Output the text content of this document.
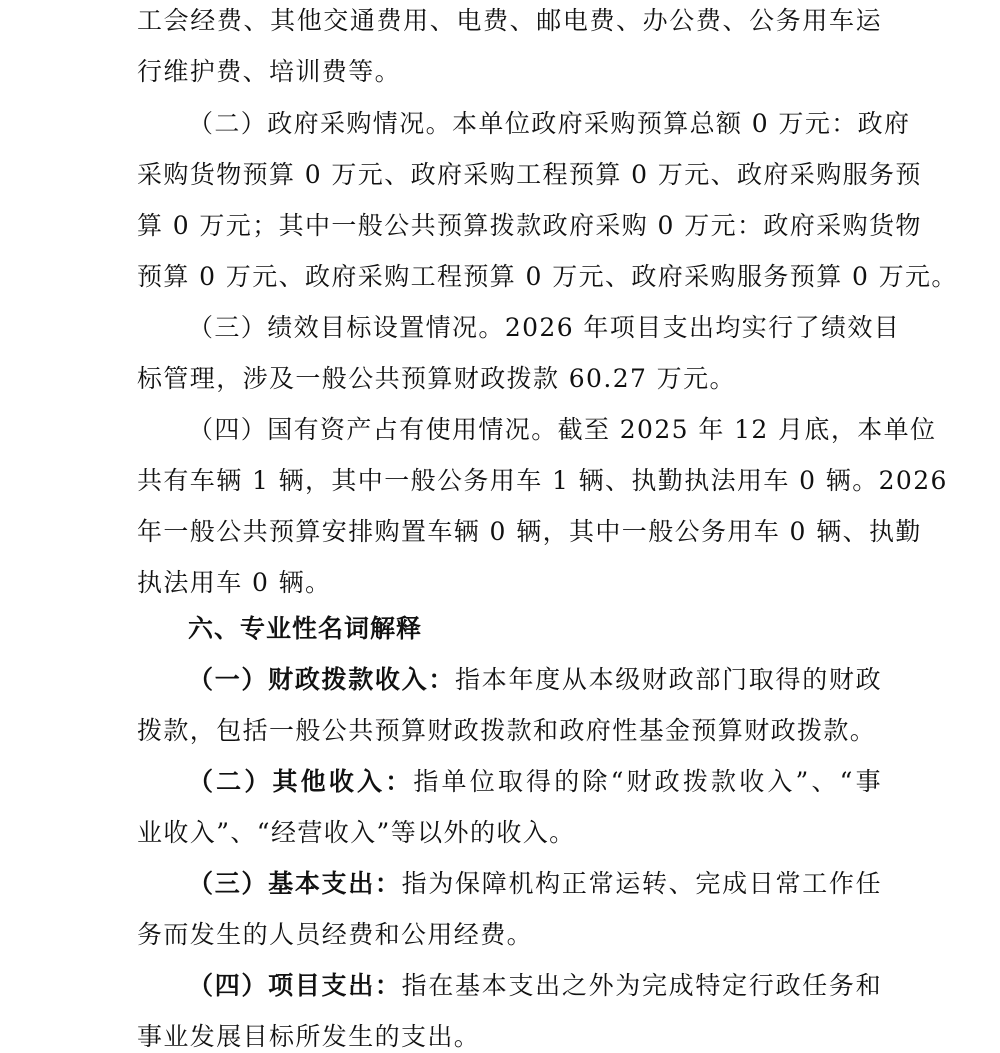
工会经费、其他交通费用、电费、邮电费、办公费、公务用车运
行维护费、培训费等。
（二）政府采购情况。本单位政府采购预算总额 0 万元：政府
采购货物预算 0 万元、政府采购工程预算 0 万元、政府采购服务预
算 0 万元；其中一般公共预算拨款政府采购 0 万元：政府采购货物
预算 0 万元、政府采购工程预算 0 万元、政府采购服务预算 0 万元。
（三）绩效目标设置情况。2026 年项目支出均实行了绩效目
标管理，涉及一般公共预算财政拨款 60.27 万元。
（四）国有资产占有使用情况。截至 2025 年 12 月底，本单位
共有车辆 1 辆，其中一般公务用车 1 辆、执勤执法用车 0 辆。2026
年一般公共预算安排购置车辆 0 辆，其中一般公务用车 0 辆、执勤
执法用车 0 辆。
六、专业性名词解释
（一）财政拨款收入：指本年度从本级财政部门取得的财政
拨款，包括一般公共预算财政拨款和政府性基金预算财政拨款。
（二）其他收入：指单位取得的除“财政拨款收入”、“事
业收入”、“经营收入”等以外的收入。
（三）基本支出：指为保障机构正常运转、完成日常工作任
务而发生的人员经费和公用经费。
（四）项目支出：指在基本支出之外为完成特定行政任务和
事业发展目标所发生的支出。
